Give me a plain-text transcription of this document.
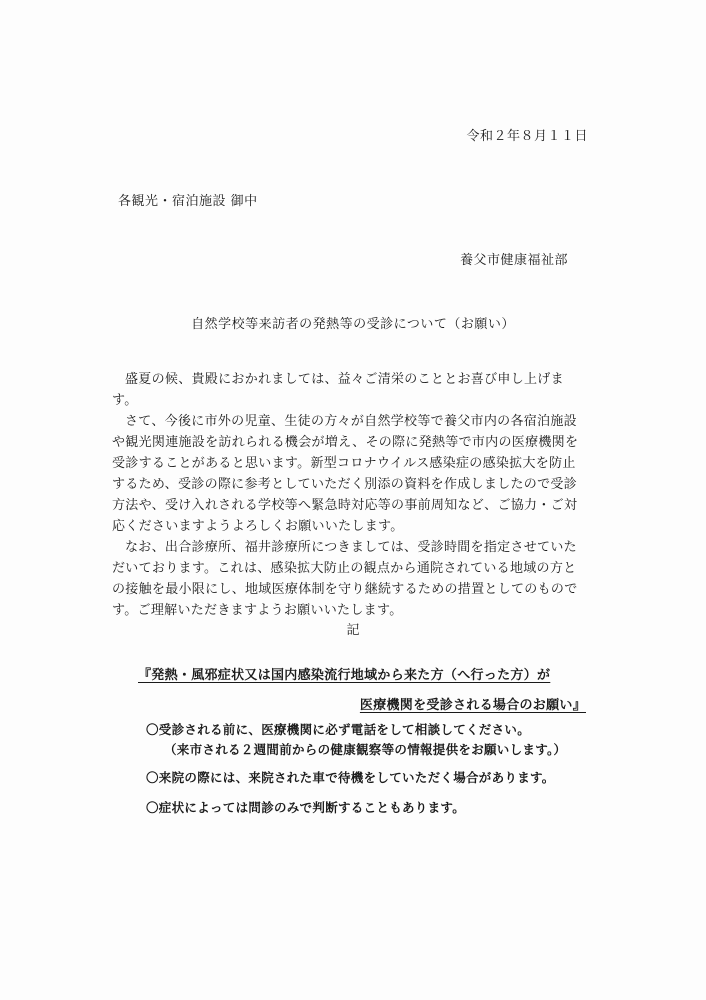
令和２年８月１１日
各観光・宿泊施設 御中
養父市健康福祉部
自然学校等来訪者の発熱等の受診について（お願い）

盛夏の候、貴殿におかれましては、益々ご清栄のこととお喜び申し上げます。

さて、今後に市外の児童、生徒の方々が自然学校等で養父市内の各宿泊施設や観光関連施設を訪れられる機会が増え、その際に発熱等で市内の医療機関を受診することがあると思います。新型コロナウイルス感染症の感染拡大を防止するため、受診の際に参考としていただく別添の資料を作成しましたので受診方法や、受け入れされる学校等へ緊急時対応等の事前周知など、ご協力・ご対応くださいますようよろしくお願いいたします。

なお、出合診療所、福井診療所につきましては、受診時間を指定させていただいております。これは、感染拡大防止の観点から通院されている地域の方との接触を最小限にし、地域医療体制を守り継続するための措置としてのものです。ご理解いただきますようお願いいたします。

記
『発熱・風邪症状又は国内感染流行地域から来た方（へ行った方）が
医療機関を受診される場合のお願い』
〇受診される前に、医療機関に必ず電話をして相談してください。
（来市される２週間前からの健康観察等の情報提供をお願いします。）
〇来院の際には、来院された車で待機をしていただく場合があります。
〇症状によっては問診のみで判断することもあります。
